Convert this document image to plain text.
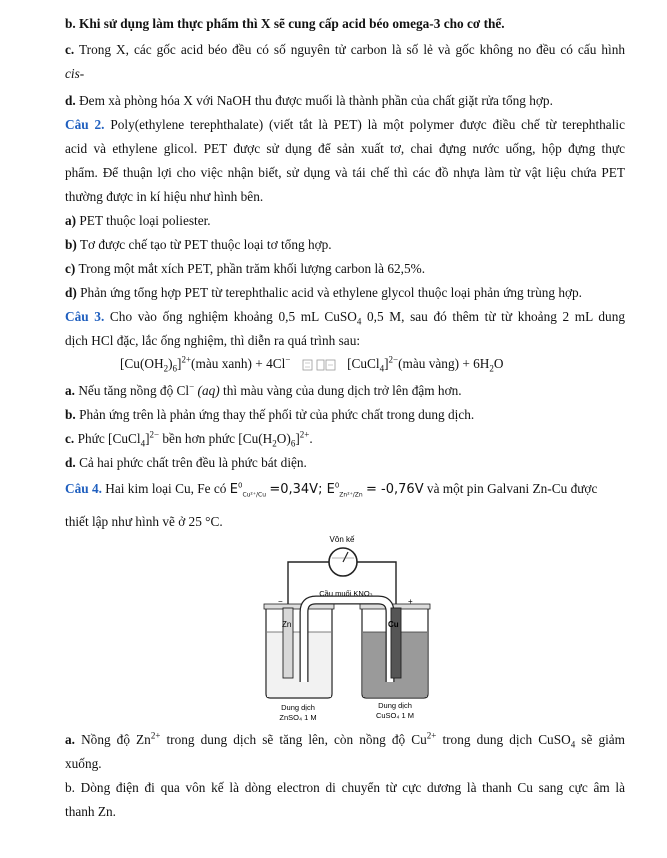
b. Khi sử dụng làm thực phẩm thì X sẽ cung cấp acid béo omega-3 cho cơ thể.
c. Trong X, các gốc acid béo đều có số nguyên tử carbon là số lẻ và gốc không no đều có cấu hình
cis-
d. Đem xà phòng hóa X với NaOH thu được muối là thành phần của chất giặt rửa tổng hợp.
Câu 2. Poly(ethylene terephthalate) (viết tắt là PET) là một polymer được điều chế từ terephthalic
acid và ethylene glicol. PET được sử dụng để sản xuất tơ, chai đựng nước uống, hộp đựng thực
phẩm. Để thuận lợi cho việc nhận biết, sử dụng và tái chế thì các đồ nhựa làm từ vật liệu chứa PET
thường được in kí hiệu như hình bên.
a) PET thuộc loại poliester.
b) Tơ được chế tạo từ PET thuộc loại tơ tổng hợp.
c) Trong một mắt xích PET, phần trăm khối lượng carbon là 62,5%.
d) Phản ứng tổng hợp PET từ terephthalic acid và ethylene glycol thuộc loại phản ứng trùng hợp.
Câu 3. Cho vào ống nghiệm khoảng 0,5 mL CuSO$_4$ 0,5 M, sau đó thêm từ từ khoảng 2 mL dung
dịch HCl đặc, lắc ống nghiệm, thì diễn ra quá trình sau:
$[Cu(OH_2)_6]^{2+}(màu$ xanh) + 4Cl−	[CuCl$_4$]$^{2-}$(màu vàng) + $6H_2O$
a. Nếu tăng nồng độ Cl− (aq) thì màu vàng của dung dịch trở lên đậm hơn.
b. Phản ứng trên là phản ứng thay thế phối tử của phức chất trong dung dịch.
c. Phức [CuCl$_4$]$^{2-}$ bền hơn phức $[Cu(H_2O)_6]^{2+}$.
d. Cả hai phức chất trên đều là phức bát diện.
Câu 4. Hai kim loại Cu, Fe có $E^0_{Cu^{2+}/Cu} =0,34V$; $E^0_{Zn^{2+}/Zn} = -0,76V$ và một pin Galvani Zn-Cu được
thiết lập như hình vẽ ở 25 °C.
Vôn kế
Cầu muối KNO₃
Zn	Cu
−	+
Dung dịch
ZnSO₄ 1 M
Dung dịch
CuSO₄ 1 M
a. Nồng độ $Zn^{2+}$ trong dung dịch sẽ tăng lên, còn nồng độ $Cu^{2+}$ trong dung dịch CuSO$_4$ sẽ giảm
xuống.
b. Dòng điện đi qua vôn kế là dòng electron di chuyển từ cực dương là thanh Cu sang cực âm là
thanh Zn.
